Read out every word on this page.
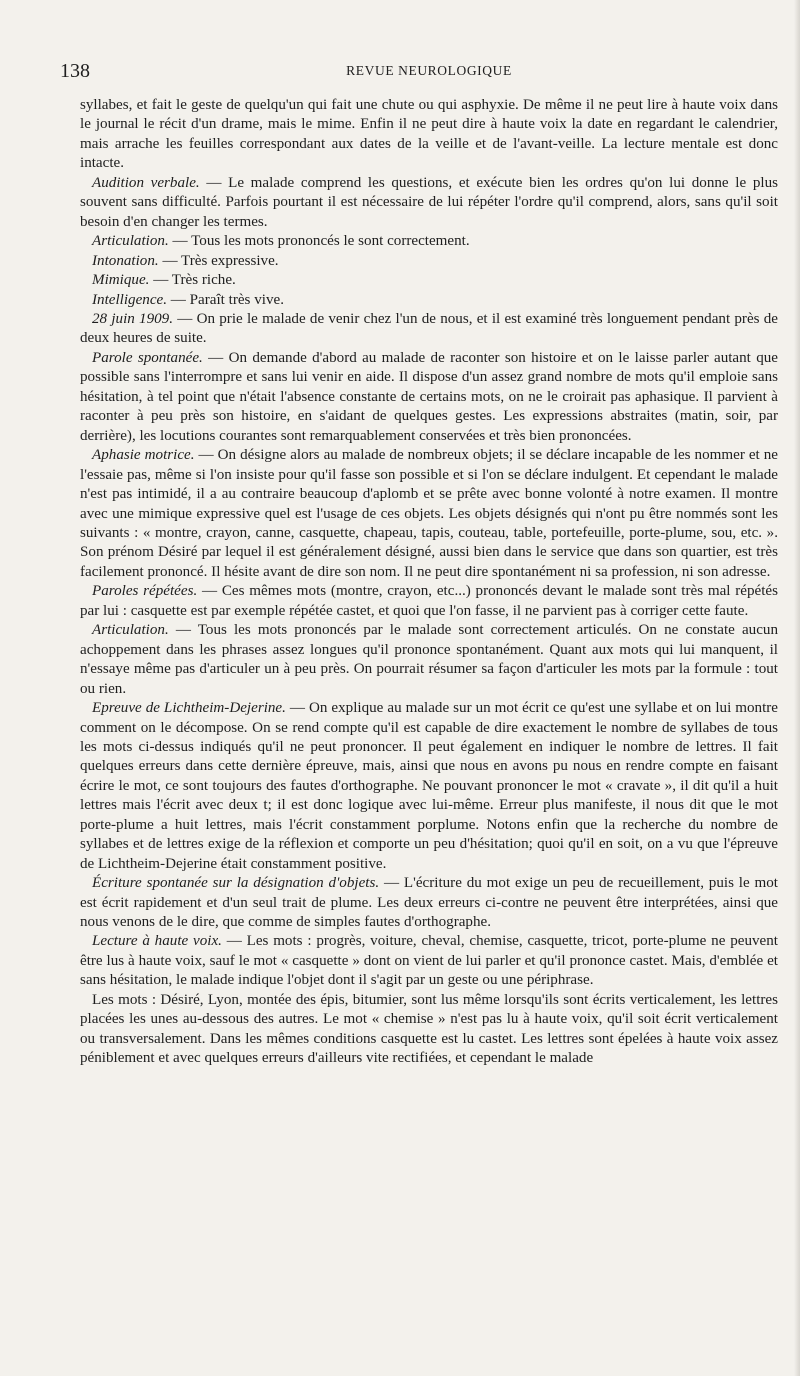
138	REVUE NEUROLOGIQUE

syllabes, et fait le geste de quelqu'un qui fait une chute ou qui asphyxie. De même il ne peut lire à haute voix dans le journal le récit d'un drame, mais le mime. Enfin il ne peut dire à haute voix la date en regardant le calendrier, mais arrache les feuilles correspondant aux dates de la veille et de l'avant-veille. La lecture mentale est donc intacte.

Audition verbale. — Le malade comprend les questions, et exécute bien les ordres qu'on lui donne le plus souvent sans difficulté. Parfois pourtant il est nécessaire de lui répéter l'ordre qu'il comprend, alors, sans qu'il soit besoin d'en changer les termes.

Articulation. — Tous les mots prononcés le sont correctement.

Intonation. — Très expressive.

Mimique. — Très riche.

Intelligence. — Paraît très vive.

28 juin 1909. — On prie le malade de venir chez l'un de nous, et il est examiné très longuement pendant près de deux heures de suite.

Parole spontanée. — On demande d'abord au malade de raconter son histoire et on le laisse parler autant que possible sans l'interrompre et sans lui venir en aide. Il dispose d'un assez grand nombre de mots qu'il emploie sans hésitation, à tel point que n'était l'absence constante de certains mots, on ne le croirait pas aphasique. Il parvient à raconter à peu près son histoire, en s'aidant de quelques gestes. Les expressions abstraites (matin, soir, par derrière), les locutions courantes sont remarquablement conservées et très bien prononcées.

Aphasie motrice. — On désigne alors au malade de nombreux objets; il se déclare incapable de les nommer et ne l'essaie pas, même si l'on insiste pour qu'il fasse son possible et si l'on se déclare indulgent. Et cependant le malade n'est pas intimidé, il a au contraire beaucoup d'aplomb et se prête avec bonne volonté à notre examen. Il montre avec une mimique expressive quel est l'usage de ces objets. Les objets désignés qui n'ont pu être nommés sont les suivants : « montre, crayon, canne, casquette, chapeau, tapis, couteau, table, portefeuille, porte-plume, sou, etc. ». Son prénom Désiré par lequel il est généralement désigné, aussi bien dans le service que dans son quartier, est très facilement prononcé. Il hésite avant de dire son nom. Il ne peut dire spontanément ni sa profession, ni son adresse.

Paroles répétées. — Ces mêmes mots (montre, crayon, etc...) prononcés devant le malade sont très mal répétés par lui : casquette est par exemple répétée castet, et quoi que l'on fasse, il ne parvient pas à corriger cette faute.

Articulation. — Tous les mots prononcés par le malade sont correctement articulés. On ne constate aucun achoppement dans les phrases assez longues qu'il prononce spontanément. Quant aux mots qui lui manquent, il n'essaye même pas d'articuler un à peu près. On pourrait résumer sa façon d'articuler les mots par la formule : tout ou rien.

Epreuve de Lichtheim-Dejerine. — On explique au malade sur un mot écrit ce qu'est une syllabe et on lui montre comment on le décompose. On se rend compte qu'il est capable de dire exactement le nombre de syllabes de tous les mots ci-dessus indiqués qu'il ne peut prononcer. Il peut également en indiquer le nombre de lettres. Il fait quelques erreurs dans cette dernière épreuve, mais, ainsi que nous en avons pu nous en rendre compte en faisant écrire le mot, ce sont toujours des fautes d'orthographe. Ne pouvant prononcer le mot « cravate », il dit qu'il a huit lettres mais l'écrit avec deux t; il est donc logique avec lui-même. Erreur plus manifeste, il nous dit que le mot porte-plume a huit lettres, mais l'écrit constamment porplume. Notons enfin que la recherche du nombre de syllabes et de lettres exige de la réflexion et comporte un peu d'hésitation; quoi qu'il en soit, on a vu que l'épreuve de Lichtheim-Dejerine était constamment positive.

Écriture spontanée sur la désignation d'objets. — L'écriture du mot exige un peu de recueillement, puis le mot est écrit rapidement et d'un seul trait de plume. Les deux erreurs ci-contre ne peuvent être interprétées, ainsi que nous venons de le dire, que comme de simples fautes d'orthographe.

Lecture à haute voix. — Les mots : progrès, voiture, cheval, chemise, casquette, tricot, porte-plume ne peuvent être lus à haute voix, sauf le mot « casquette » dont on vient de lui parler et qu'il prononce castet. Mais, d'emblée et sans hésitation, le malade indique l'objet dont il s'agit par un geste ou une périphrase.

Les mots : Désiré, Lyon, montée des épis, bitumier, sont lus même lorsqu'ils sont écrits verticalement, les lettres placées les unes au-dessous des autres. Le mot « chemise » n'est pas lu à haute voix, qu'il soit écrit verticalement ou transversalement. Dans les mêmes conditions casquette est lu castet. Les lettres sont épelées à haute voix assez péniblement et avec quelques erreurs d'ailleurs vite rectifiées, et cependant le malade
